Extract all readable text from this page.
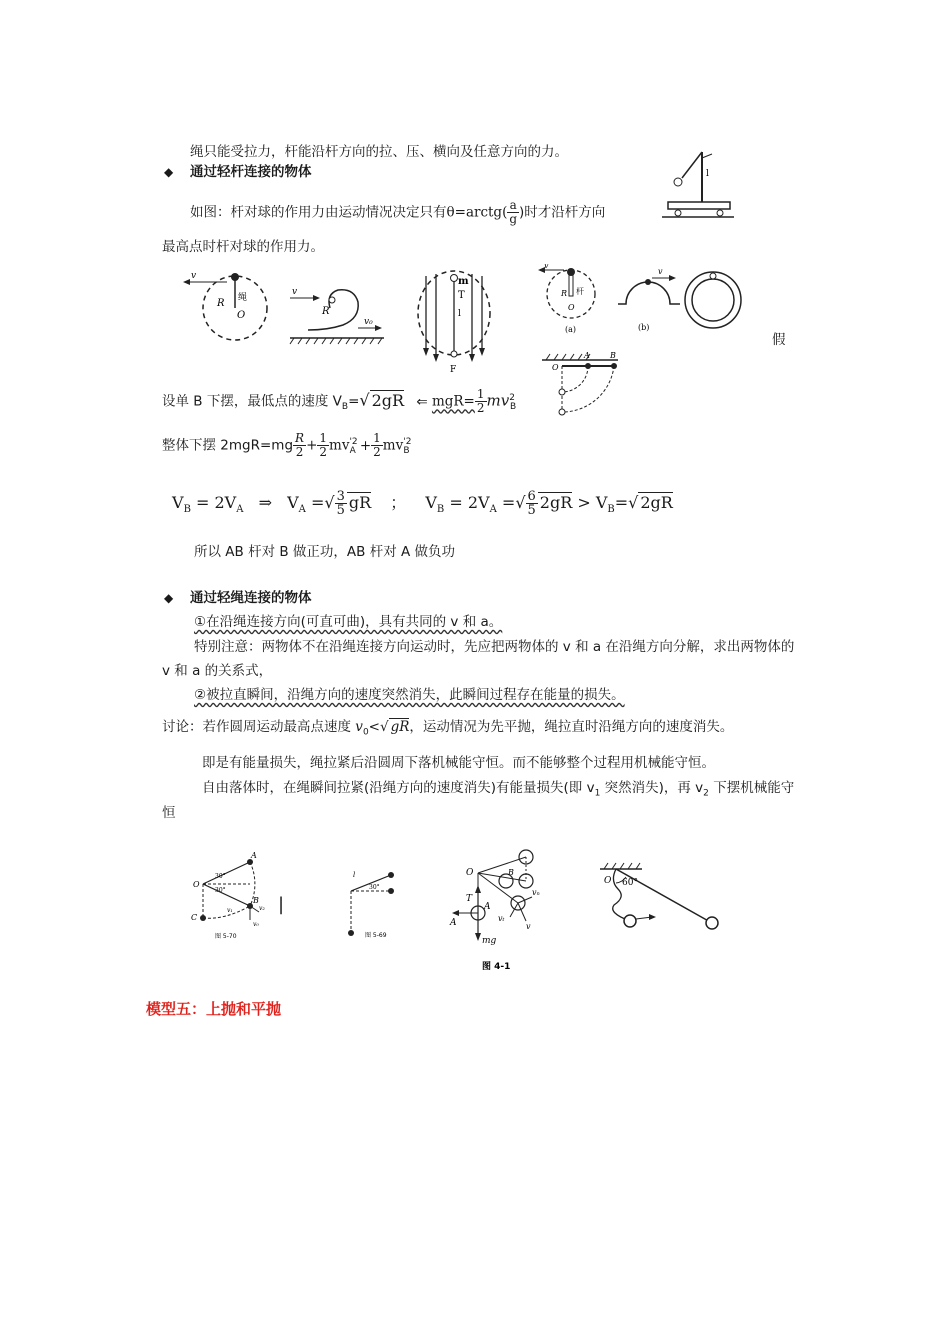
绳只能受拉力，杆能沿杆方向的拉、压、横向及任意方向的力。
◆ 通过轻杆连接的物体	l
如图：杆对球的作用力由运动情况决定只有θ=arctg( $\frac{a}{g}$ )时才沿杆方向
最高点时杆对球的作用力。
v
R 绳
O
v
R
v₀
m
T
l
F
v
R 杆
O
(a)
v
(b)
假
O
A	B
设单 B 下摆，最低点的速度 $V_B=√$ 2gR ⇐ $mgR= \frac{1}{2} mv^2_B$
整体下摆 $2mgR=mg \frac{R}{2} + \frac{1}{2} mv^{'2}_A + \frac{1}{2} mv^{'2}_B$
$V_B = 2V_A$ ⇒ $V_A$ =√ $\frac{3}{5}$ gR ； $V_B = 2V_A$ =√ $\frac{6}{5} 2gR > V_B=√$ 2gR
所以 AB 杆对 B 做正功，AB 杆对 A 做负功
◆ 通过轻绳连接的物体
①在沿绳连接方向(可直可曲)，具有共同的 v 和 a。
特别注意：两物体不在沿绳连接方向运动时，先应把两物体的 v 和 a 在沿绳方向分解，求出两物体的
v 和 a 的关系式，
②被拉直瞬间，沿绳方向的速度突然消失，此瞬间过程存在能量的损失。
讨论：若作圆周运动最高点速度 $v_0<√$ gR，运动情况为先平抛，绳拉直时沿绳方向的速度消失。
即是有能量损失，绳拉紧后沿圆周下落机械能守恒。而不能够整个过程用机械能守恒。
自由落体时，在绳瞬间拉紧(沿绳方向的速度消失)有能量损失(即 $v_1$ 突然消失)，再 $v_2$ 下摆机械能守
恒
O
A
B
C
30°
30°
v₁	v₂
v₀
图 5-70
|
l
30°
图 5-69
O	B
T
A
A
vₙ
vₜ
v
mg
图 4-1
O 60°
模型五：上抛和平抛
